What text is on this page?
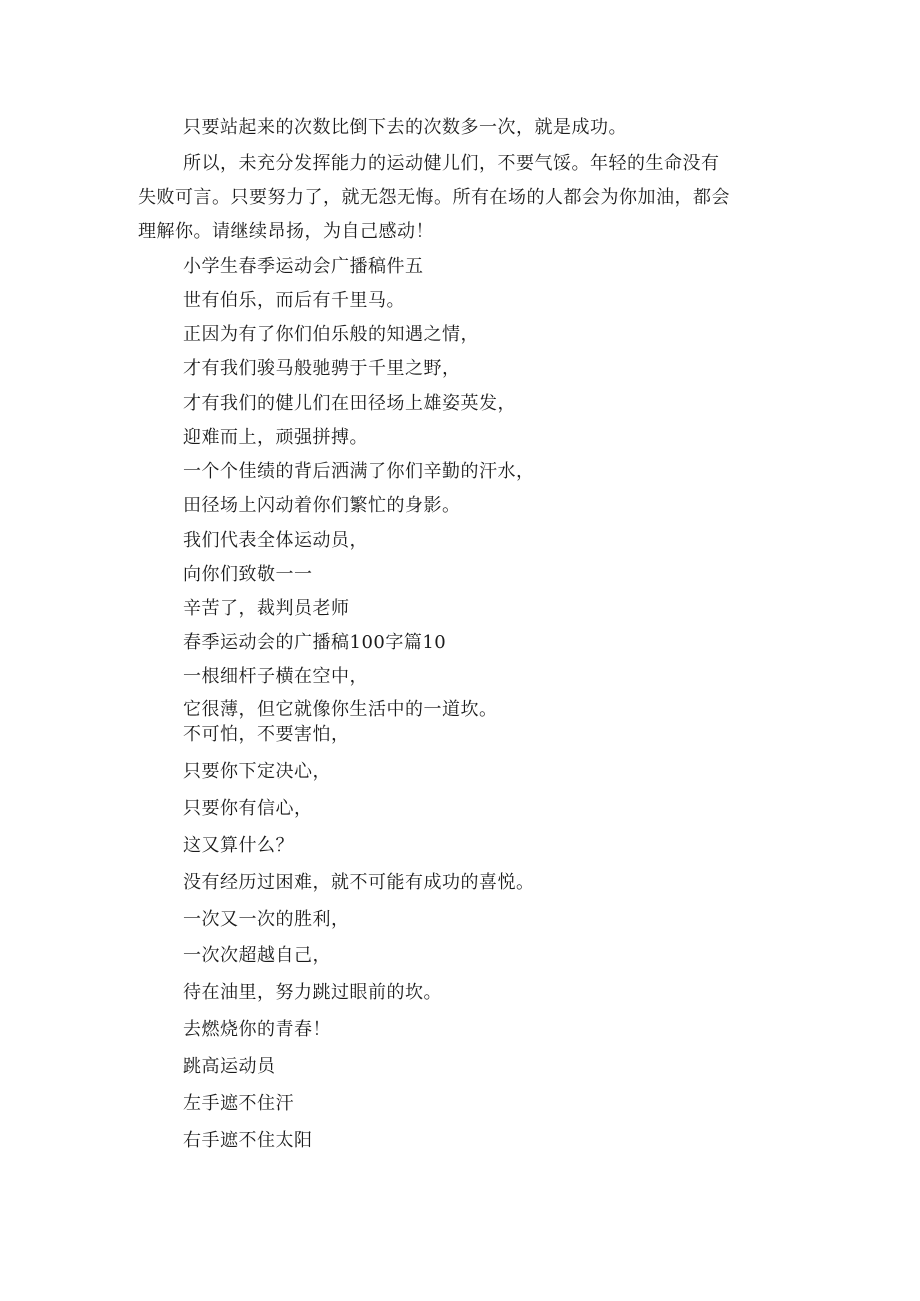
只要站起来的次数比倒下去的次数多一次，就是成功。
所以，未充分发挥能力的运动健儿们，不要气馁。年轻的生命没有
失败可言。只要努力了，就无怨无悔。所有在场的人都会为你加油，都会
理解你。请继续昂扬，为自己感动！
小学生春季运动会广播稿件五
世有伯乐，而后有千里马。
正因为有了你们伯乐般的知遇之情，
才有我们骏马般驰骋于千里之野，
才有我们的健儿们在田径场上雄姿英发，
迎难而上，顽强拼搏。
一个个佳绩的背后洒满了你们辛勤的汗水，
田径场上闪动着你们繁忙的身影。
我们代表全体运动员，
向你们致敬一一
辛苦了，裁判员老师
春季运动会的广播稿100字篇10
一根细杆子横在空中，
它很薄，但它就像你生活中的一道坎。
不可怕，不要害怕，
只要你下定决心，
只要你有信心，
这又算什么？
没有经历过困难，就不可能有成功的喜悦。
一次又一次的胜利，
一次次超越自己，
待在油里，努力跳过眼前的坎。
去燃烧你的青春！
跳高运动员
左手遮不住汗
右手遮不住太阳
